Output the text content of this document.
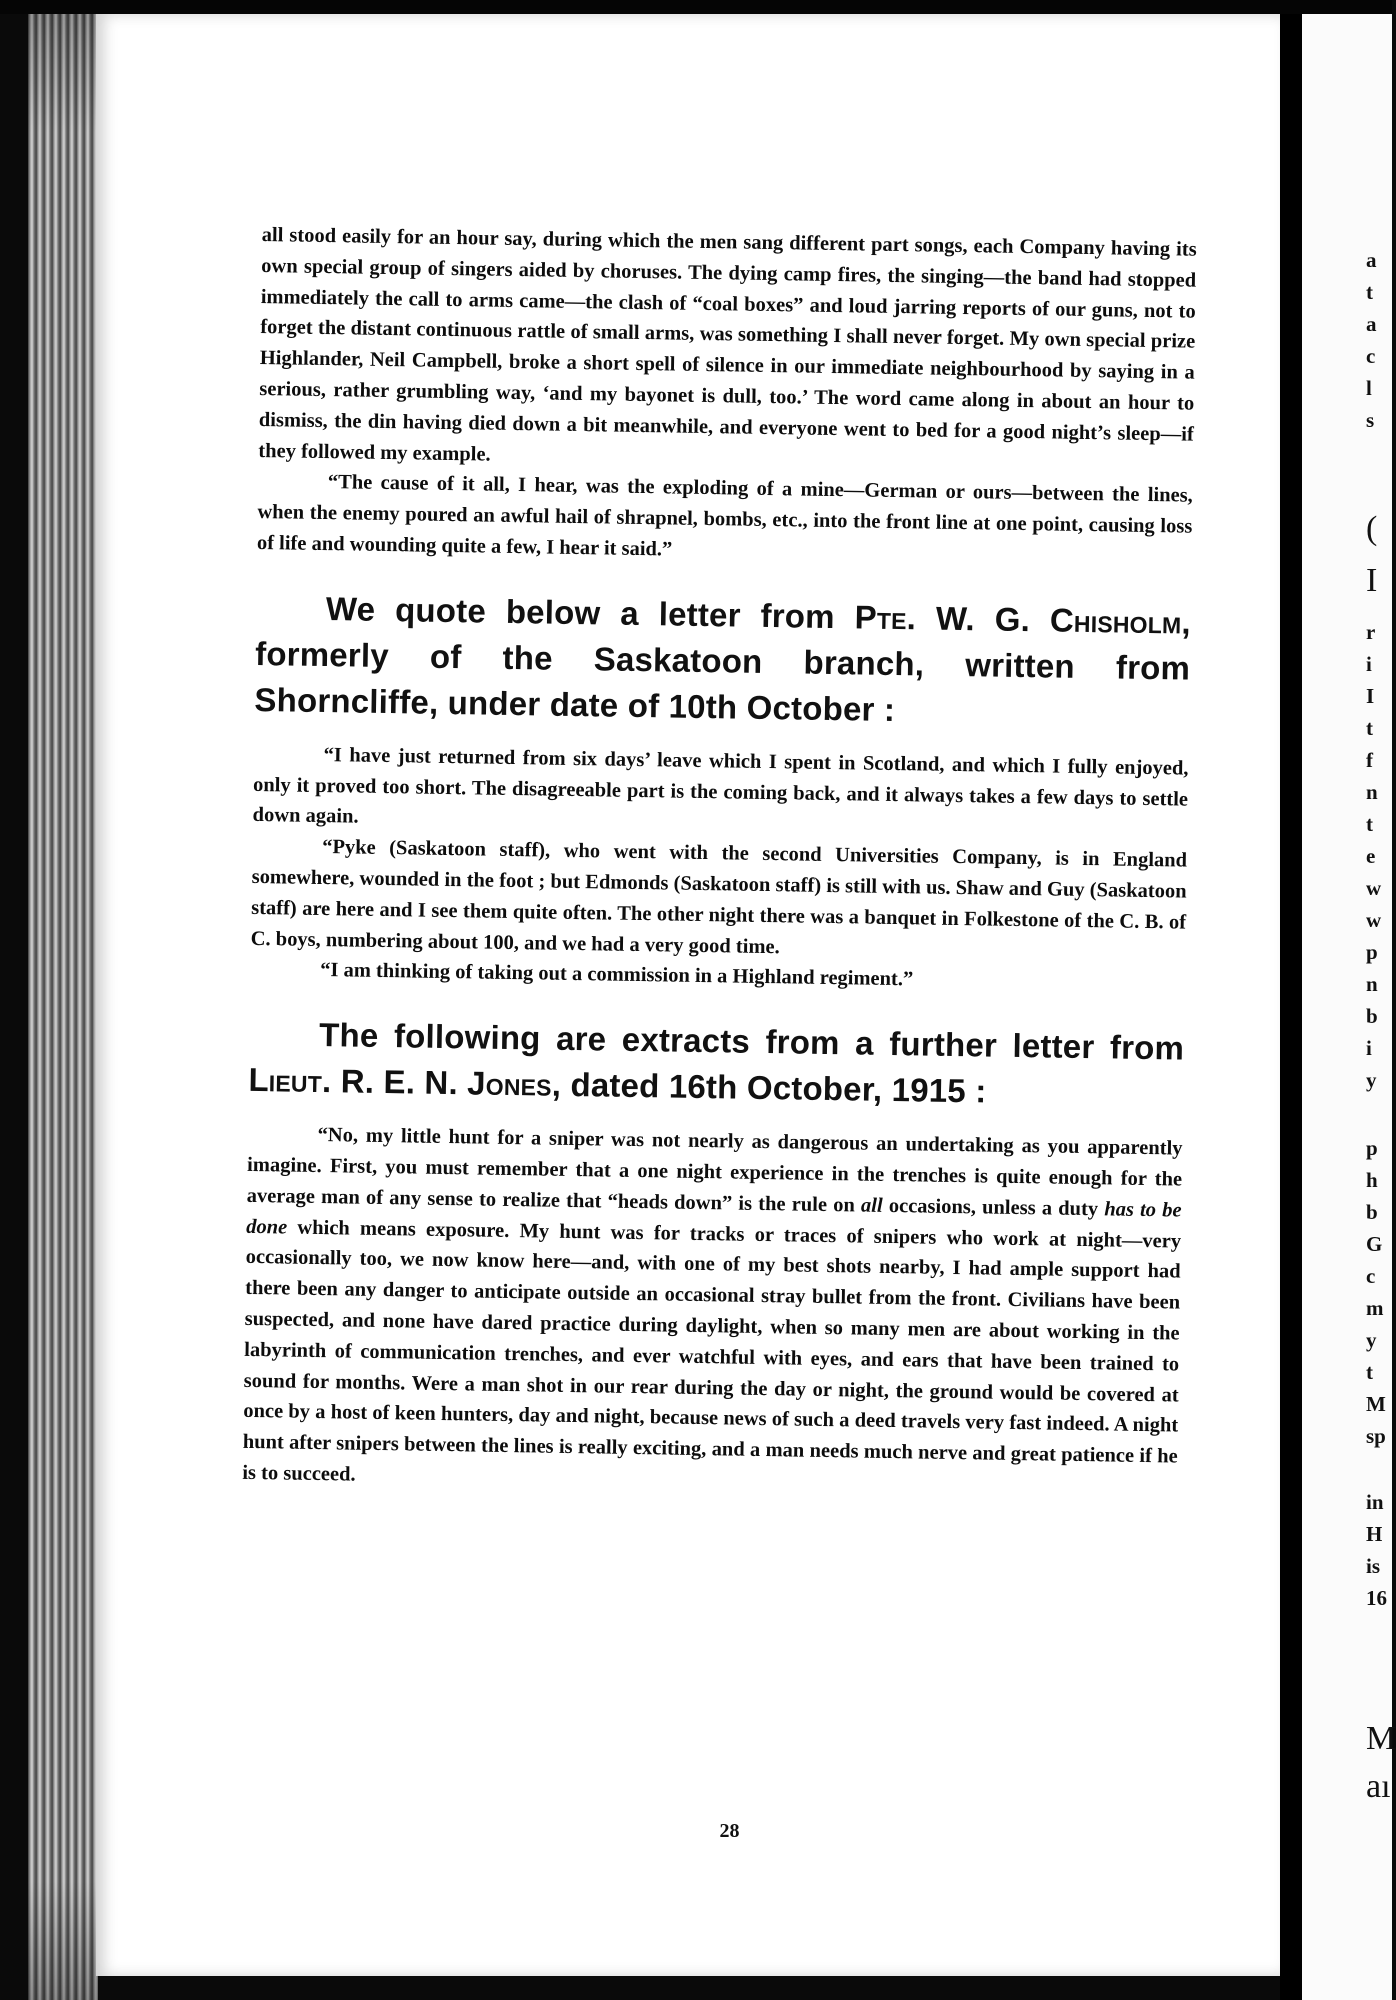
all stood easily for an hour say, during which the men sang different part songs, each Company having its own special group of singers aided by choruses. The dying camp fires, the singing—the band had stopped immediately the call to arms came—the clash of “coal boxes” and loud jarring reports of our guns, not to forget the distant continuous rattle of small arms, was something I shall never forget. My own special prize Highlander, Neil Campbell, broke a short spell of silence in our immediate neighbourhood by saying in a serious, rather grumbling way, ‘and my bayonet is dull, too.’ The word came along in about an hour to dismiss, the din having died down a bit meanwhile, and everyone went to bed for a good night’s sleep—if they followed my example.

“The cause of it all, I hear, was the exploding of a mine—German or ours—between the lines, when the enemy poured an awful hail of shrapnel, bombs, etc., into the front line at one point, causing loss of life and wounding quite a few, I hear it said.”

We quote below a letter from Pte. W. G. Chisholm, formerly of the Saskatoon branch, written from Shorncliffe, under date of 10th October :

“I have just returned from six days’ leave which I spent in Scotland, and which I fully enjoyed, only it proved too short. The disagreeable part is the coming back, and it always takes a few days to settle down again.

“Pyke (Saskatoon staff), who went with the second Universities Company, is in England somewhere, wounded in the foot ; but Edmonds (Saskatoon staff) is still with us. Shaw and Guy (Saskatoon staff) are here and I see them quite often. The other night there was a banquet in Folkestone of the C. B. of C. boys, numbering about 100, and we had a very good time.

“I am thinking of taking out a commission in a Highland regiment.”

The following are extracts from a further letter from Lieut. R. E. N. Jones, dated 16th October, 1915 :

“No, my little hunt for a sniper was not nearly as dangerous an undertaking as you apparently imagine. First, you must remember that a one night experience in the trenches is quite enough for the average man of any sense to realize that “heads down” is the rule on all occasions, unless a duty has to be done which means exposure. My hunt was for tracks or traces of snipers who work at night—very occasionally too, we now know here—and, with one of my best shots nearby, I had ample support had there been any danger to anticipate outside an occasional stray bullet from the front. Civilians have been suspected, and none have dared practice during daylight, when so many men are about working in the labyrinth of communication trenches, and ever watchful with eyes, and ears that have been trained to sound for months. Were a man shot in our rear during the day or night, the ground would be covered at once by a host of keen hunters, day and night, because news of such a deed travels very fast indeed. A night hunt after snipers between the lines is really exciting, and a man needs much nerve and great patience if he is to succeed.

28
a
t
a
c
l
s
(
I
r
i
I
t
f
n
t
e
w
w
p
n
b
i
y
p
h
b
G
c
m
y
t
M
sp
in
H
is
16
M
aı
